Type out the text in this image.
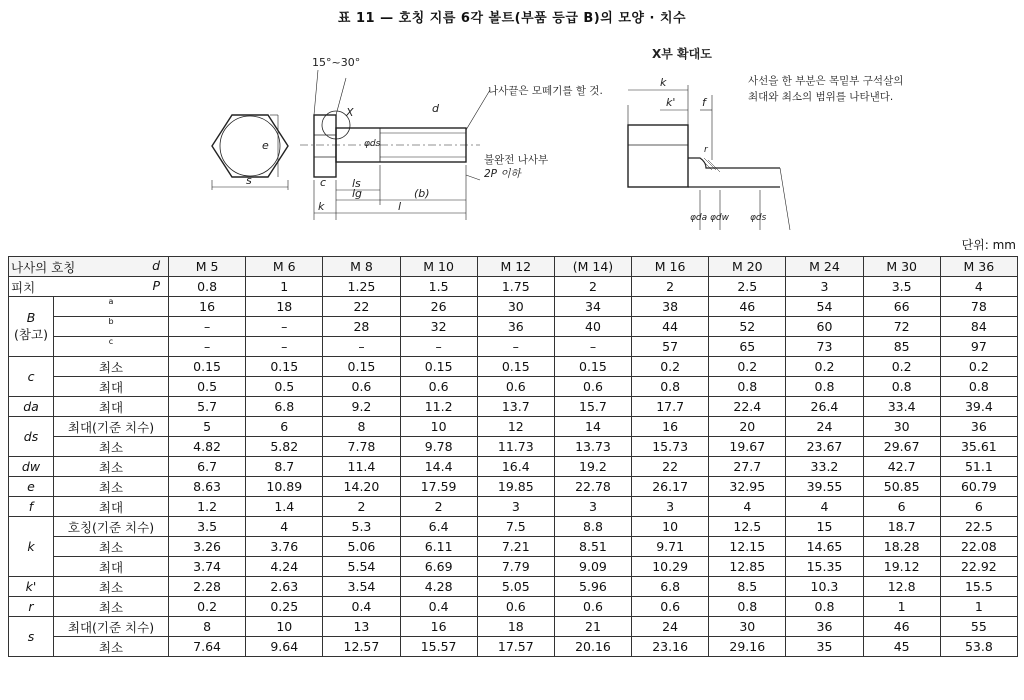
표 11 — 호칭 지름 6각 볼트(부품 등급 B)의 모양 · 치수
15°~30°
X	d
e
s	c ls
lg	(b)
l
k
φds
나사끝은 모떼기를 할 것.
불완전 나사부
2P 이하
X부 확대도
사선을 한 부분은 목밑부 구석살의
최대와 최소의 범위를 나타낸다.
k
k' f
r
φda φdw φds
단위: mm
나사의 호칭 d		M 5	M 6	M 8	M 10	M 12	(M 14)	M 16	M 20	M 24	M 30	M 36
피치 P		0.8	1	1.25	1.5	1.75	2	2	2.5	3	3.5	4

B
(참고)	a	16	18	22	26	30	34	38	46	54	66	78
	b	–	–	28	32	36	40	44	52	60	72	84
	c	–	–	–	–	–	–	57	65	73	85	97
c	최소	0.15	0.15	0.15	0.15	0.15	0.15	0.2	0.2	0.2	0.2	0.2
	최대	0.5	0.5	0.6	0.6	0.6	0.6	0.8	0.8	0.8	0.8	0.8
da	최대	5.7	6.8	9.2	11.2	13.7	15.7	17.7	22.4	26.4	33.4	39.4
ds	최대(기준 치수)	5	6	8	10	12	14	16	20	24	30	36
	최소	4.82	5.82	7.78	9.78	11.73	13.73	15.73	19.67	23.67	29.67	35.61
dw	최소	6.7	8.7	11.4	14.4	16.4	19.2	22	27.7	33.2	42.7	51.1
e	최소	8.63	10.89	14.20	17.59	19.85	22.78	26.17	32.95	39.55	50.85	60.79
f	최대	1.2	1.4	2	2	3	3	3	4	4	6	6
k	호칭(기준 치수)	3.5	4	5.3	6.4	7.5	8.8	10	12.5	15	18.7	22.5
	최소	3.26	3.76	5.06	6.11	7.21	8.51	9.71	12.15	14.65	18.28	22.08
	최대	3.74	4.24	5.54	6.69	7.79	9.09	10.29	12.85	15.35	19.12	22.92
k'	최소	2.28	2.63	3.54	4.28	5.05	5.96	6.8	8.5	10.3	12.8	15.5
r	최소	0.2	0.25	0.4	0.4	0.6	0.6	0.6	0.8	0.8	1	1
s	최대(기준 치수)	8	10	13	16	18	21	24	30	36	46	55
	최소	7.64	9.64	12.57	15.57	17.57	20.16	23.16	29.16	35	45	53.8
